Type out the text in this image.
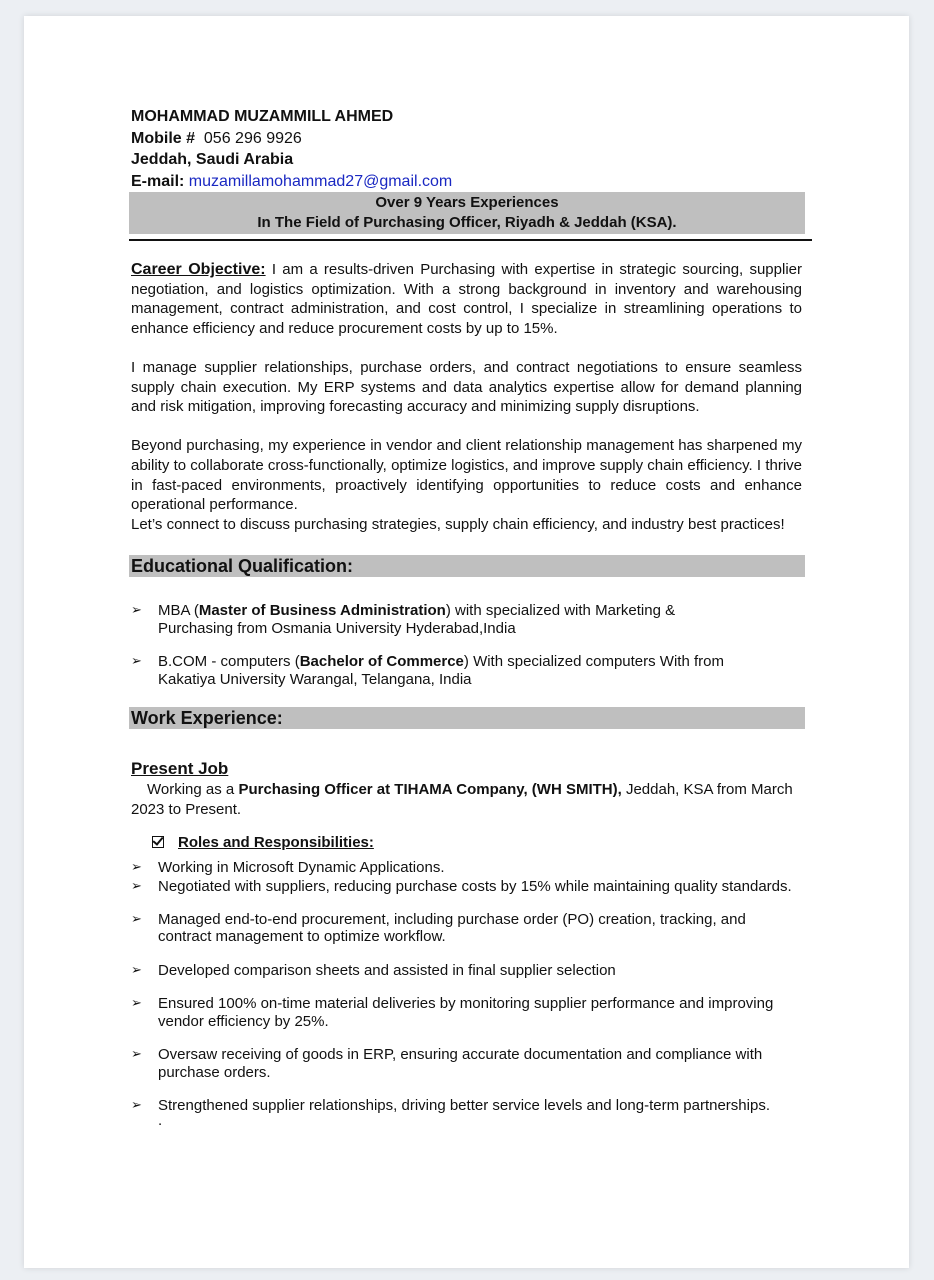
MOHAMMAD MUZAMMILL AHMED
Mobile # 056 296 9926
Jeddah, Saudi Arabia
E-mail: muzamillamohammad27@gmail.com
Over 9 Years Experiences
In The Field of Purchasing Officer, Riyadh & Jeddah (KSA).

Career Objective: I am a results-driven Purchasing with expertise in strategic sourcing, supplier negotiation, and logistics optimization. With a strong background in inventory and warehousing management, contract administration, and cost control, I specialize in streamlining operations to enhance efficiency and reduce procurement costs by up to 15%.

I manage supplier relationships, purchase orders, and contract negotiations to ensure seamless supply chain execution. My ERP systems and data analytics expertise allow for demand planning and risk mitigation, improving forecasting accuracy and minimizing supply disruptions.

Beyond purchasing, my experience in vendor and client relationship management has sharpened my ability to collaborate cross-functionally, optimize logistics, and improve supply chain efficiency. I thrive in fast-paced environments, proactively identifying opportunities to reduce costs and enhance operational performance.

Let’s connect to discuss purchasing strategies, supply chain efficiency, and industry best practices!

Educational Qualification:
➢ MBA (Master of Business Administration) with specialized with Marketing &
Purchasing from Osmania University Hyderabad,India
➢ B.COM - computers (Bachelor of Commerce) With specialized computers With from
Kakatiya University Warangal, Telangana, India
Work Experience:
Present Job

Working as a Purchasing Officer at TIHAMA Company, (WH SMITH), Jeddah, KSA from March 2023 to Present.

Roles and Responsibilities:
➢ Working in Microsoft Dynamic Applications.
➢ Negotiated with suppliers, reducing purchase costs by 15% while maintaining quality standards.
➢ Managed end-to-end procurement, including purchase order (PO) creation, tracking, and contract management to optimize workflow.
➢ Developed comparison sheets and assisted in final supplier selection
➢ Ensured 100% on-time material deliveries by monitoring supplier performance and improving vendor efficiency by 25%.
➢ Oversaw receiving of goods in ERP, ensuring accurate documentation and compliance with purchase orders.
➢ Strengthened supplier relationships, driving better service levels and long-term partnerships.
.
